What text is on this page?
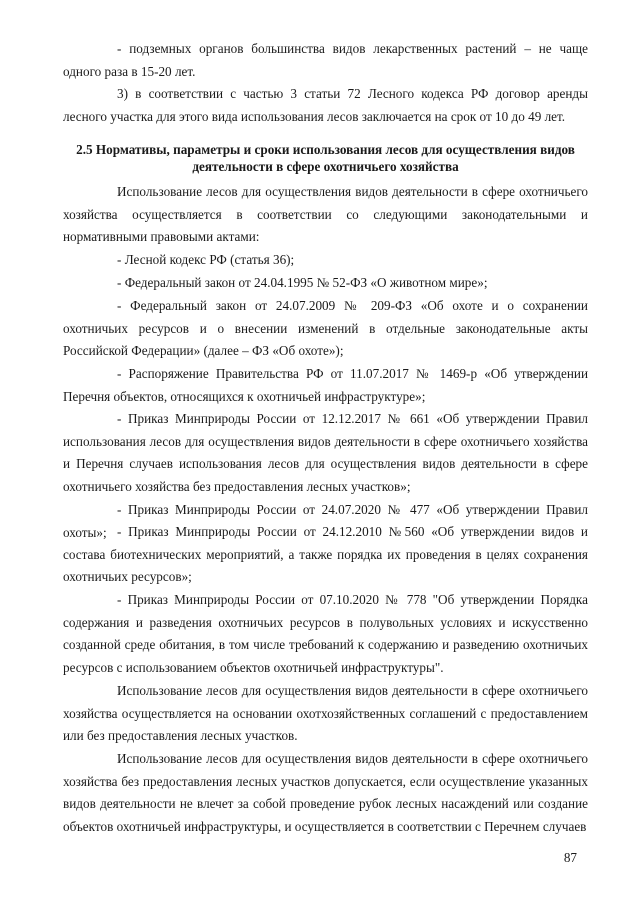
- подземных органов большинства видов лекарственных растений – не чаще одного раза в 15-20 лет.

3) в соответствии с частью 3 статьи 72 Лесного кодекса РФ договор аренды лесного участка для этого вида использования лесов заключается на срок от 10 до 49 лет.

2.5 Нормативы, параметры и сроки использования лесов для осуществления видов деятельности в сфере охотничьего хозяйства

Использование лесов для осуществления видов деятельности в сфере охотничьего хозяйства осуществляется в соответствии со следующими законодательными и нормативными правовыми актами:

- Лесной кодекс РФ (статья 36);

- Федеральный закон от 24.04.1995 № 52-ФЗ «О животном мире»;

- Федеральный закон от 24.07.2009 № 209-ФЗ «Об охоте и о сохранении охотничьих ресурсов и о внесении изменений в отдельные законодательные акты Российской Федерации» (далее – ФЗ «Об охоте»);

- Распоряжение Правительства РФ от 11.07.2017 № 1469-р «Об утверждении Перечня объектов, относящихся к охотничьей инфраструктуре»;

- Приказ Минприроды России от 12.12.2017 № 661 «Об утверждении Правил использования лесов для осуществления видов деятельности в сфере охотничьего хозяйства и Перечня случаев использования лесов для осуществления видов деятельности в сфере охотничьего хозяйства без предоставления лесных участков»;

- Приказ Минприроды России от 24.07.2020 № 477 «Об утверждении Правил охоты»; - Приказ Минприроды России от 24.12.2010 №560 «Об утверждении видов и состава биотехнических мероприятий, а также порядка их проведения в целях сохранения охотничьих ресурсов»;

- Приказ Минприроды России от 07.10.2020 № 778 "Об утверждении Порядка содержания и разведения охотничьих ресурсов в полувольных условиях и искусственно созданной среде обитания, в том числе требований к содержанию и разведению охотничьих ресурсов с использованием объектов охотничьей инфраструктуры".

Использование лесов для осуществления видов деятельности в сфере охотничьего хозяйства осуществляется на основании охотхозяйственных соглашений с предоставлением или без предоставления лесных участков.

Использование лесов для осуществления видов деятельности в сфере охотничьего хозяйства без предоставления лесных участков допускается, если осуществление указанных видов деятельности не влечет за собой проведение рубок лесных насаждений или создание объектов охотничьей инфраструктуры, и осуществляется в соответствии с Перечнем случаев

87
